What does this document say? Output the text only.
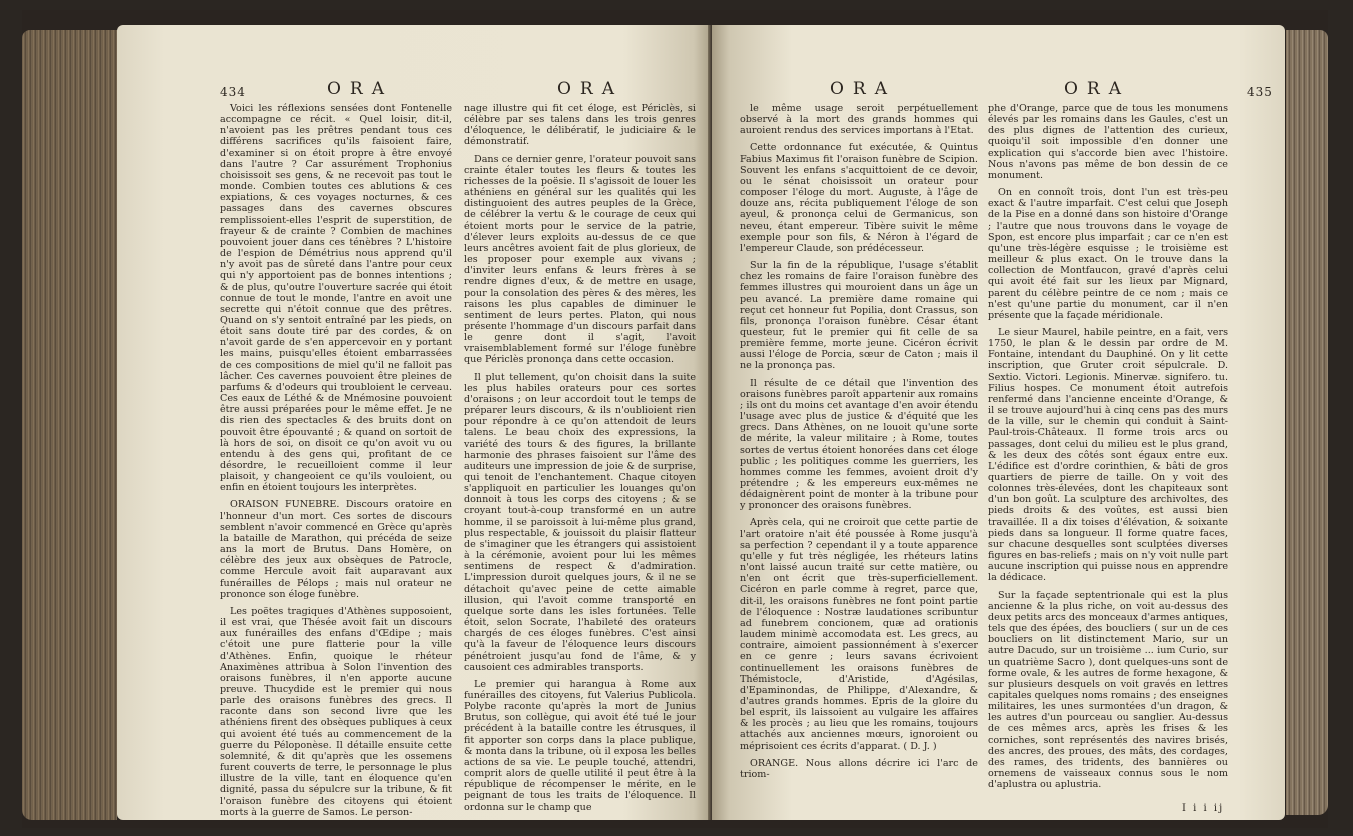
434	ORA	ORA

Voici les réflexions sensées dont Fontenelle accompagne ce récit. « Quel loisir, dit-il, n'avoient pas les prêtres pendant tous ces différens sacrifices qu'ils faisoient faire, d'examiner si on étoit propre à être envoyé dans l'autre ? Car assurément Trophonius choisissoit ses gens, & ne recevoit pas tout le monde. Combien toutes ces ablutions & ces expiations, & ces voyages nocturnes, & ces passages dans des cavernes obscures remplissoient-elles l'esprit de superstition, de frayeur & de crainte ? Combien de machines pouvoient jouer dans ces ténèbres ? L'histoire de l'espion de Démétrius nous apprend qu'il n'y avoit pas de sûreté dans l'antre pour ceux qui n'y apportoient pas de bonnes intentions ; & de plus, qu'outre l'ouverture sacrée qui étoit connue de tout le monde, l'antre en avoit une secrette qui n'étoit connue que des prêtres. Quand on s'y sentoit entraîné par les pieds, on étoit sans doute tiré par des cordes, & on n'avoit garde de s'en appercevoir en y portant les mains, puisqu'elles étoient embarrassées de ces compositions de miel qu'il ne falloit pas lâcher. Ces cavernes pouvoient être pleines de parfums & d'odeurs qui troubloient le cerveau. Ces eaux de Léthé & de Mnémosine pouvoient être aussi préparées pour le même effet. Je ne dis rien des spectacles & des bruits dont on pouvoit être épouvanté ; & quand on sortoit de là hors de soi, on disoit ce qu'on avoit vu ou entendu à des gens qui, profitant de ce désordre, le recueilloient comme il leur plaisoit, y changeoient ce qu'ils vouloient, ou enfin en étoient toujours les interprètes.

ORAISON FUNEBRE. Discours oratoire en l'honneur d'un mort. Ces sortes de discours semblent n'avoir commencé en Grèce qu'après la bataille de Marathon, qui précéda de seize ans la mort de Brutus. Dans Homère, on célèbre des jeux aux obsèques de Patrocle, comme Hercule avoit fait auparavant aux funérailles de Pélops ; mais nul orateur ne prononce son éloge funèbre.

Les poëtes tragiques d'Athènes supposoient, il est vrai, que Thésée avoit fait un discours aux funérailles des enfans d'Œdipe ; mais c'étoit une pure flatterie pour la ville d'Athènes. Enfin, quoique le rhéteur Anaximènes attribua à Solon l'invention des oraisons funèbres, il n'en apporte aucune preuve. Thucydide est le premier qui nous parle des oraisons funèbres des grecs. Il raconte dans son second livre que les athéniens firent des obsèques publiques à ceux qui avoient été tués au commencement de la guerre du Péloponèse. Il détaille ensuite cette solemnité, & dit qu'après que les ossemens furent couverts de terre, le personnage le plus illustre de la ville, tant en éloquence qu'en dignité, passa du sépulcre sur la tribune, & fit l'oraison funèbre des citoyens qui étoient morts à la guerre de Samos. Le person-

nage illustre qui fit cet éloge, est Périclès, si célèbre par ses talens dans les trois genres d'éloquence, le délibératif, le judiciaire & le démonstratif.

Dans ce dernier genre, l'orateur pouvoit sans crainte étaler toutes les fleurs & toutes les richesses de la poësie. Il s'agissoit de louer les athéniens en général sur les qualités qui les distinguoient des autres peuples de la Grèce, de célébrer la vertu & le courage de ceux qui étoient morts pour le service de la patrie, d'élever leurs exploits au-dessus de ce que leurs ancêtres avoient fait de plus glorieux, de les proposer pour exemple aux vivans ; d'inviter leurs enfans & leurs frères à se rendre dignes d'eux, & de mettre en usage, pour la consolation des pères & des mères, les raisons les plus capables de diminuer le sentiment de leurs pertes. Platon, qui nous présente l'hommage d'un discours parfait dans le genre dont il s'agit, l'avoit vraisemblablement formé sur l'éloge funèbre que Périclès prononça dans cette occasion.

Il plut tellement, qu'on choisit dans la suite les plus habiles orateurs pour ces sortes d'oraisons ; on leur accordoit tout le temps de préparer leurs discours, & ils n'oublioient rien pour répondre à ce qu'on attendoit de leurs talens. Le beau choix des expressions, la variété des tours & des figures, la brillante harmonie des phrases faisoient sur l'âme des auditeurs une impression de joie & de surprise, qui tenoit de l'enchantement. Chaque citoyen s'appliquoit en particulier les louanges qu'on donnoit à tous les corps des citoyens ; & se croyant tout-à-coup transformé en un autre homme, il se paroissoit à lui-même plus grand, plus respectable, & jouissoit du plaisir flatteur de s'imaginer que les étrangers qui assistoient à la cérémonie, avoient pour lui les mêmes sentimens de respect & d'admiration. L'impression duroit quelques jours, & il ne se détachoit qu'avec peine de cette aimable illusion, qui l'avoit comme transporté en quelque sorte dans les isles fortunées. Telle étoit, selon Socrate, l'habileté des orateurs chargés de ces éloges funèbres. C'est ainsi qu'à la faveur de l'éloquence leurs discours pénétroient jusqu'au fond de l'âme, & y causoient ces admirables transports.

Le premier qui harangua à Rome aux funérailles des citoyens, fut Valerius Publicola. Polybe raconte qu'après la mort de Junius Brutus, son collègue, qui avoit été tué le jour précédent à la bataille contre les étrusques, il fit apporter son corps dans la place publique, & monta dans la tribune, où il exposa les belles actions de sa vie. Le peuple touché, attendri, comprit alors de quelle utilité il peut être à la république de récompenser le mérite, en le peignant de tous les traits de l'éloquence. Il ordonna sur le champ que

ORA	ORA	435

le même usage seroit perpétuellement observé à la mort des grands hommes qui auroient rendus des services importans à l'Etat.

Cette ordonnance fut exécutée, & Quintus Fabius Maximus fit l'oraison funèbre de Scipion. Souvent les enfans s'acquittoient de ce devoir, ou le sénat choisissoit un orateur pour composer l'éloge du mort. Auguste, à l'âge de douze ans, récita publiquement l'éloge de son ayeul, & prononça celui de Germanicus, son neveu, étant empereur. Tibère suivit le même exemple pour son fils, & Néron à l'égard de l'empereur Claude, son prédécesseur.

Sur la fin de la république, l'usage s'établit chez les romains de faire l'oraison funèbre des femmes illustres qui mouroient dans un âge un peu avancé. La première dame romaine qui reçut cet honneur fut Popilia, dont Crassus, son fils, prononça l'oraison funèbre. César étant questeur, fut le premier qui fit celle de sa première femme, morte jeune. Cicéron écrivit aussi l'éloge de Porcia, sœur de Caton ; mais il ne la prononça pas.

Il résulte de ce détail que l'invention des oraisons funèbres paroît appartenir aux romains ; ils ont du moins cet avantage d'en avoir étendu l'usage avec plus de justice & d'équité que les grecs. Dans Athènes, on ne louoit qu'une sorte de mérite, la valeur militaire ; à Rome, toutes sortes de vertus étoient honorées dans cet éloge public ; les politiques comme les guerriers, les hommes comme les femmes, avoient droit d'y prétendre ; & les empereurs eux-mêmes ne dédaignèrent point de monter à la tribune pour y prononcer des oraisons funèbres.

Après cela, qui ne croiroit que cette partie de l'art oratoire n'ait été poussée à Rome jusqu'à sa perfection ? cependant il y a toute apparence qu'elle y fut très négligée, les rhéteurs latins n'ont laissé aucun traité sur cette matière, ou n'en ont écrit que très-superficiellement. Cicéron en parle comme à regret, parce que, dit-il, les oraisons funèbres ne font point partie de l'éloquence : Nostræ laudationes scribuntur ad funebrem concionem, quæ ad orationis laudem minimè accomodata est. Les grecs, au contraire, aimoient passionnément à s'exercer en ce genre ; leurs savans écrivoient continuellement les oraisons funèbres de Thémistocle, d'Aristide, d'Agésilas, d'Epaminondas, de Philippe, d'Alexandre, & d'autres grands hommes. Epris de la gloire du bel esprit, ils laissoient au vulgaire les affaires & les procès ; au lieu que les romains, toujours attachés aux anciennes mœurs, ignoroient ou méprisoient ces écrits d'apparat. ( D. J. )

ORANGE. Nous allons décrire ici l'arc de triom-

phe d'Orange, parce que de tous les monumens élevés par les romains dans les Gaules, c'est un des plus dignes de l'attention des curieux, quoiqu'il soit impossible d'en donner une explication qui s'accorde bien avec l'histoire. Nous n'avons pas même de bon dessin de ce monument.

On en connoît trois, dont l'un est très-peu exact & l'autre imparfait. C'est celui que Joseph de la Pise en a donné dans son histoire d'Orange ; l'autre que nous trouvons dans le voyage de Spon, est encore plus imparfait ; car ce n'en est qu'une très-légère esquisse ; le troisième est meilleur & plus exact. On le trouve dans la collection de Montfaucon, gravé d'après celui qui avoit été fait sur les lieux par Mignard, parent du célèbre peintre de ce nom ; mais ce n'est qu'une partie du monument, car il n'en présente que la façade méridionale.

Le sieur Maurel, habile peintre, en a fait, vers 1750, le plan & le dessin par ordre de M. Fontaine, intendant du Dauphiné. On y lit cette inscription, que Gruter croit sépulcrale. D. Sextio. Victori. Legionis. Minervæ. signifero. tu. Filius hospes. Ce monument étoit autrefois renfermé dans l'ancienne enceinte d'Orange, & il se trouve aujourd'hui à cinq cens pas des murs de la ville, sur le chemin qui conduit à Saint-Paul-trois-Châteaux. Il forme trois arcs ou passages, dont celui du milieu est le plus grand, & les deux des côtés sont égaux entre eux. L'édifice est d'ordre corinthien, & bâti de gros quartiers de pierre de taille. On y voit des colonnes très-élevées, dont les chapiteaux sont d'un bon goût. La sculpture des archivoltes, des pieds droits & des voûtes, est aussi bien travaillée. Il a dix toises d'élévation, & soixante pieds dans sa longueur. Il forme quatre faces, sur chacune desquelles sont sculptées diverses figures en bas-reliefs ; mais on n'y voit nulle part aucune inscription qui puisse nous en apprendre la dédicace.

Sur la façade septentrionale qui est la plus ancienne & la plus riche, on voit au-dessus des deux petits arcs des monceaux d'armes antiques, tels que des épées, des boucliers ( sur un de ces boucliers on lit distinctement Mario, sur un autre Dacudo, sur un troisième ... ium Curio, sur un quatrième Sacro ), dont quelques-uns sont de forme ovale, & les autres de forme hexagone, & sur plusieurs desquels on voit gravés en lettres capitales quelques noms romains ; des enseignes militaires, les unes surmontées d'un dragon, & les autres d'un pourceau ou sanglier. Au-dessus de ces mêmes arcs, après les frises & les corniches, sont représentés des navires brisés, des ancres, des proues, des mâts, des cordages, des rames, des tridents, des bannières ou ornemens de vaisseaux connus sous le nom d'aplustra ou aplustria.

I i i ij
